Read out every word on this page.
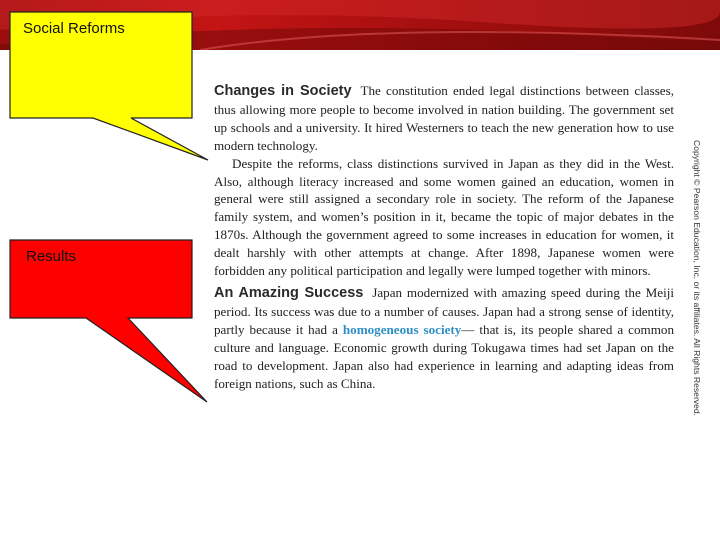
Changes in Society The constitution ended legal distinctions between classes, thus allowing more people to become involved in nation building. The government set up schools and a university. It hired Westerners to teach the new generation how to use modern technology.

Despite the reforms, class distinctions survived in Japan as they did in the West. Also, although literacy increased and some women gained an education, women in general were still assigned a secondary role in society. The reform of the Japanese family system, and women’s position in it, became the topic of major debates in the 1870s. Although the government agreed to some increases in education for women, it dealt harshly with other attempts at change. After 1898, Japanese women were forbidden any political participation and legally were lumped together with minors.

An Amazing Success Japan modernized with amazing speed during the Meiji period. Its success was due to a number of causes. Japan had a strong sense of identity, partly because it had a homogeneous society— that is, its people shared a common culture and language. Economic growth during Tokugawa times had set Japan on the road to development. Japan also had experience in learning and adapting ideas from foreign nations, such as China.	Copyright © Pearson Education, Inc. or its affiliates. All Rights Reserved.
Social Reforms
Results
